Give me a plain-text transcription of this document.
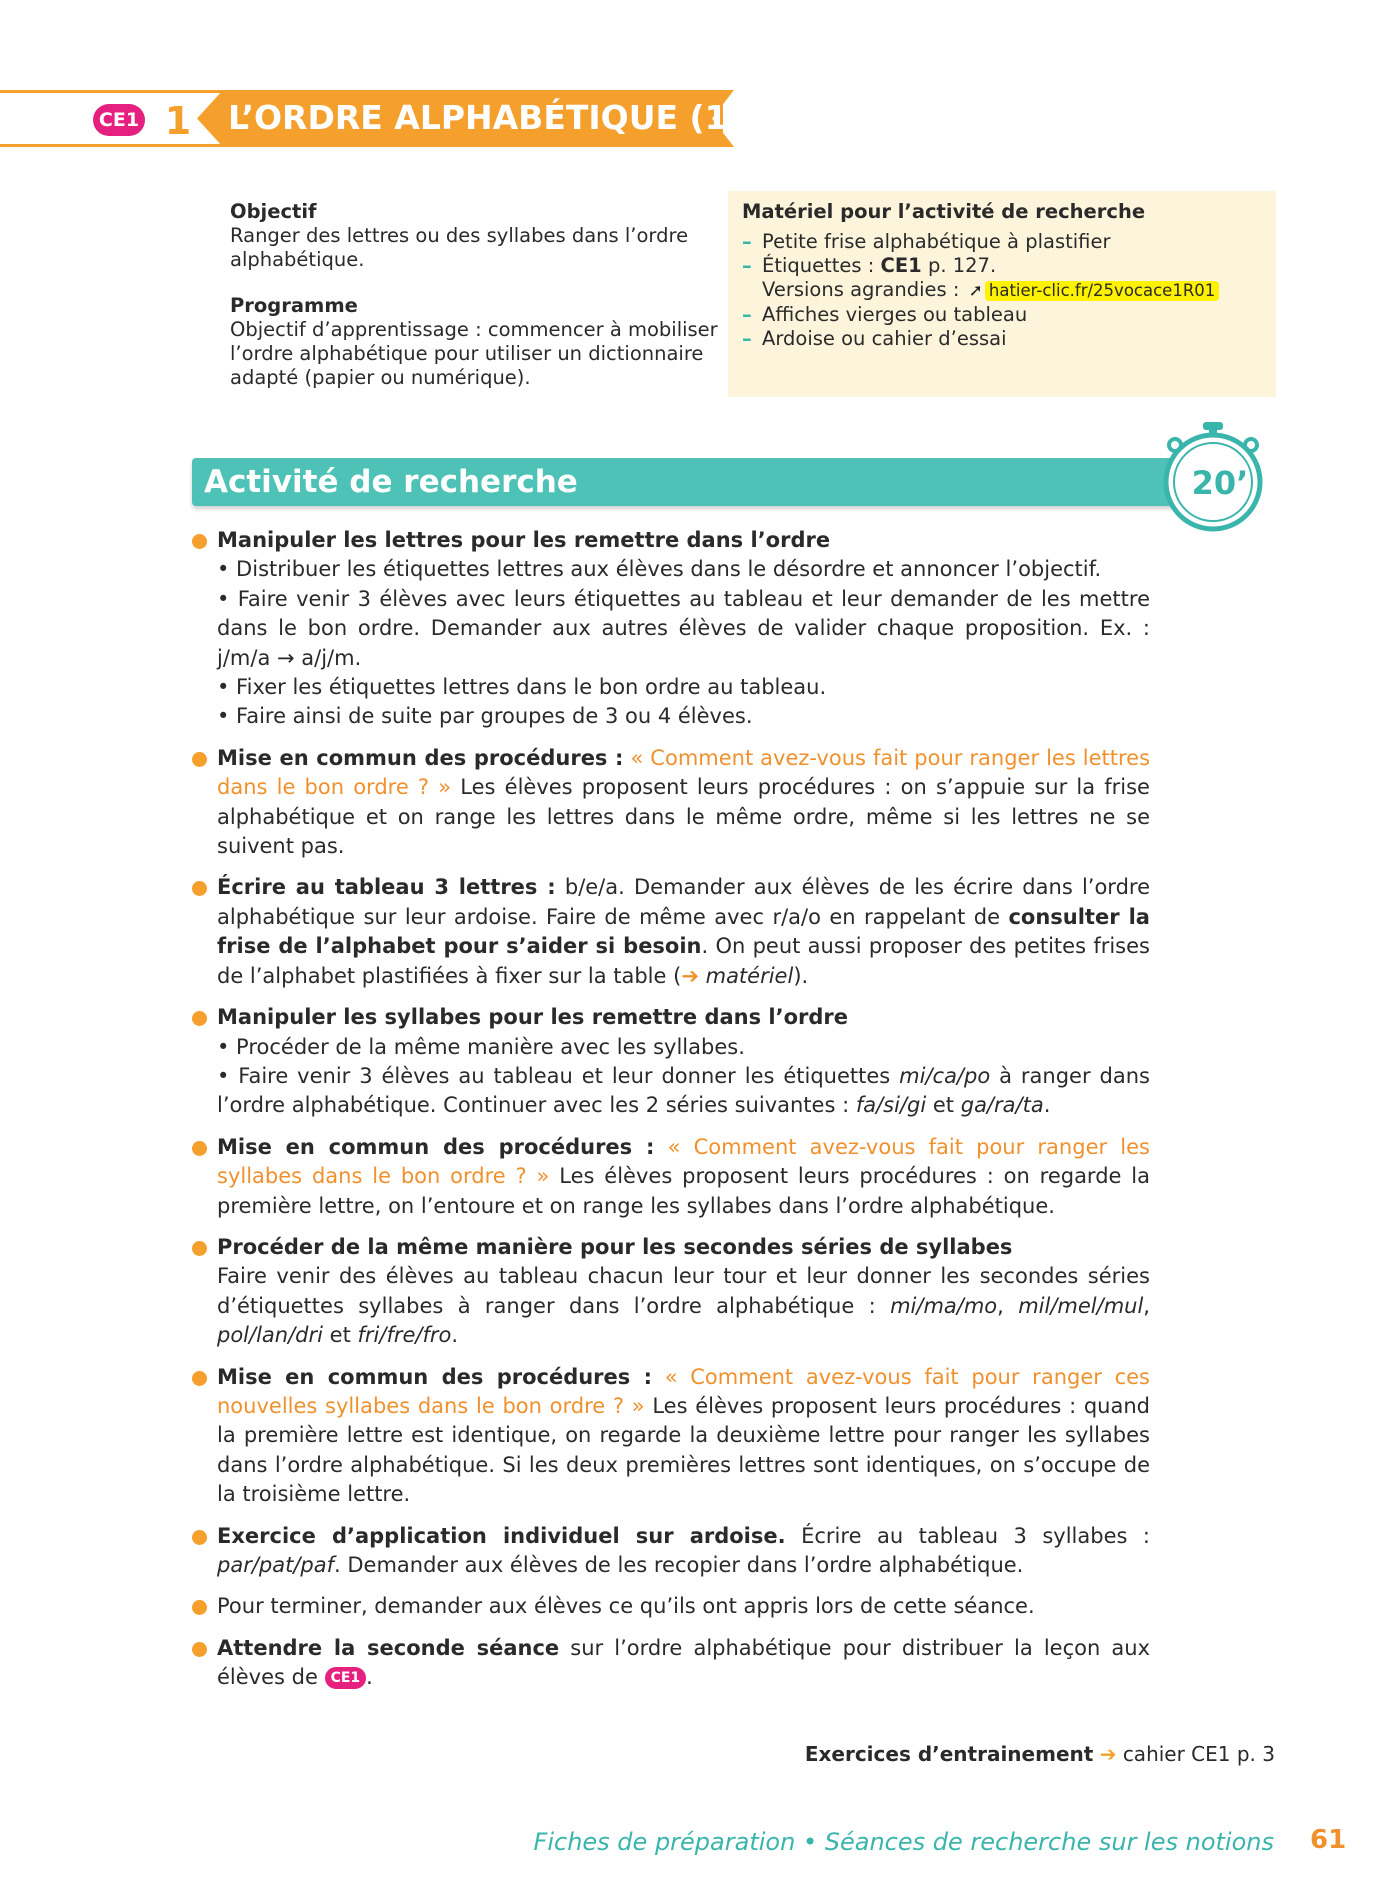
CE1 1 L’ORDRE ALPHABÉTIQUE (1)

Objectif

Ranger des lettres ou des syllabes dans l’ordre alphabétique.

Programme

Objectif d’apprentissage : commencer à mobiliser l’ordre alphabétique pour utiliser un dictionnaire adapté (papier ou numérique).

Matériel pour l’activité de recherche
– Petite frise alphabétique à plastifier
– Étiquettes : CE1 p. 127.
Versions agrandies : ➚ hatier-clic.fr/25vocace1R01
– Affiches vierges ou tableau
– Ardoise ou cahier d’essai
Activité de recherche	20’
Manipuler les lettres pour les remettre dans l’ordre
• Distribuer les étiquettes lettres aux élèves dans le désordre et annoncer l’objectif.
• Faire venir 3 élèves avec leurs étiquettes au tableau et leur demander de les mettre dans le bon ordre. Demander aux autres élèves de valider chaque proposition. Ex. : j/m/a → a/j/m.
• Fixer les étiquettes lettres dans le bon ordre au tableau.
• Faire ainsi de suite par groupes de 3 ou 4 élèves.
Mise en commun des procédures : « Comment avez-vous fait pour ranger les lettres dans le bon ordre ? » Les élèves proposent leurs procédures : on s’appuie sur la frise alphabétique et on range les lettres dans le même ordre, même si les lettres ne se suivent pas.
Écrire au tableau 3 lettres : b/e/a. Demander aux élèves de les écrire dans l’ordre alphabétique sur leur ardoise. Faire de même avec r/a/o en rappelant de consulter la frise de l’alphabet pour s’aider si besoin. On peut aussi proposer des petites frises de l’alphabet plastifiées à fixer sur la table (➔ matériel).
Manipuler les syllabes pour les remettre dans l’ordre
• Procéder de la même manière avec les syllabes.
• Faire venir 3 élèves au tableau et leur donner les étiquettes mi/ca/po à ranger dans l’ordre alphabétique. Continuer avec les 2 séries suivantes : fa/si/gi et ga/ra/ta.
Mise en commun des procédures : « Comment avez-vous fait pour ranger les syllabes dans le bon ordre ? » Les élèves proposent leurs procédures : on regarde la première lettre, on l’entoure et on range les syllabes dans l’ordre alphabétique.
Procéder de la même manière pour les secondes séries de syllabes
Faire venir des élèves au tableau chacun leur tour et leur donner les secondes séries d’étiquettes syllabes à ranger dans l’ordre alphabétique : mi/ma/mo, mil/mel/mul, pol/lan/dri et fri/fre/fro.
Mise en commun des procédures : « Comment avez-vous fait pour ranger ces nouvelles syllabes dans le bon ordre ? » Les élèves proposent leurs procédures : quand la première lettre est identique, on regarde la deuxième lettre pour ranger les syllabes dans l’ordre alphabétique. Si les deux premières lettres sont identiques, on s’occupe de la troisième lettre.
Exercice d’application individuel sur ardoise. Écrire au tableau 3 syllabes : par/pat/paf. Demander aux élèves de les recopier dans l’ordre alphabétique.
Pour terminer, demander aux élèves ce qu’ils ont appris lors de cette séance.
Attendre la seconde séance sur l’ordre alphabétique pour distribuer la leçon aux élèves de CE1 .
Exercices d’entrainement ➔ cahier CE1 p. 3
Fiches de préparation • Séances de recherche sur les notions 61
